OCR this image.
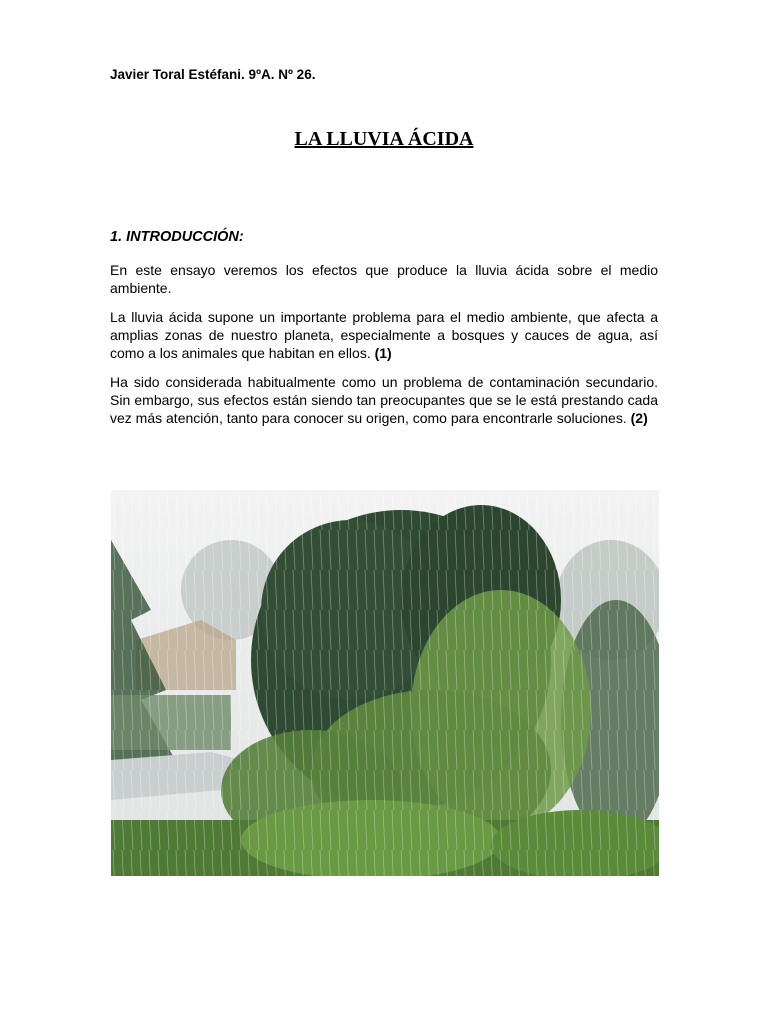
Javier Toral Estéfani. 9ºA. Nº 26.
LA LLUVIA ÁCIDA
1. INTRODUCCIÓN:

En este ensayo veremos los efectos que produce la lluvia ácida sobre el medio ambiente.

La lluvia ácida supone un importante problema para el medio ambiente, que afecta a amplias zonas de nuestro planeta, especialmente a bosques y cauces de agua, así como a los animales que habitan en ellos. (1)

Ha sido considerada habitualmente como un problema de contaminación secundario. Sin embargo, sus efectos están siendo tan preocupantes que se le está prestando cada vez más atención, tanto para conocer su origen, como para encontrarle soluciones. (2)
